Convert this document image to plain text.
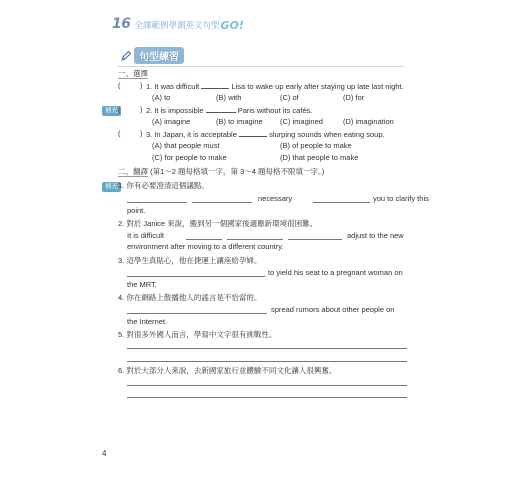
16 全課範例學測英文句型 GO!
句型練習
一、選擇
(	) 1. It was difficult	Lisa to wake up early after staying up late last night.
(A) to	(B) with	(C) of	(D) for
補充 (	) 2. It is impossible	Paris without its cafés.
(A) imagine	(B) to imagine (C) imagined	(D) imagination
(	) 3. In Japan, it is acceptable	slurping sounds when eating soup.
(A) that people must	(B) of people to make
(C) for people to make	(D) that people to make
二、翻譯 (第1～2 題每格填一字，第 3～4 題每格不限填一字。)
補充 1. 你有必要澄清這個議點。
necessary	you to clarify this
point.
2. 對於 Janice 來說，搬到另一個國家後適應新環境很困難。
It is difficult	adjust to the new
environment after moving to a different country.
3. 這學生真貼心，他在捷運上讓座給孕婦。
to yield his seat to a pregnant woman on
the MRT.
4. 你在網路上散播他人的謠言是不恰當的。
spread rumors about other people on
the Internet.
5. 對很多外國人而言，學寫中文字很有挑戰性。
6. 對於大部分人來說，去新國家旅行並體驗不同文化讓人很興奮。
4
